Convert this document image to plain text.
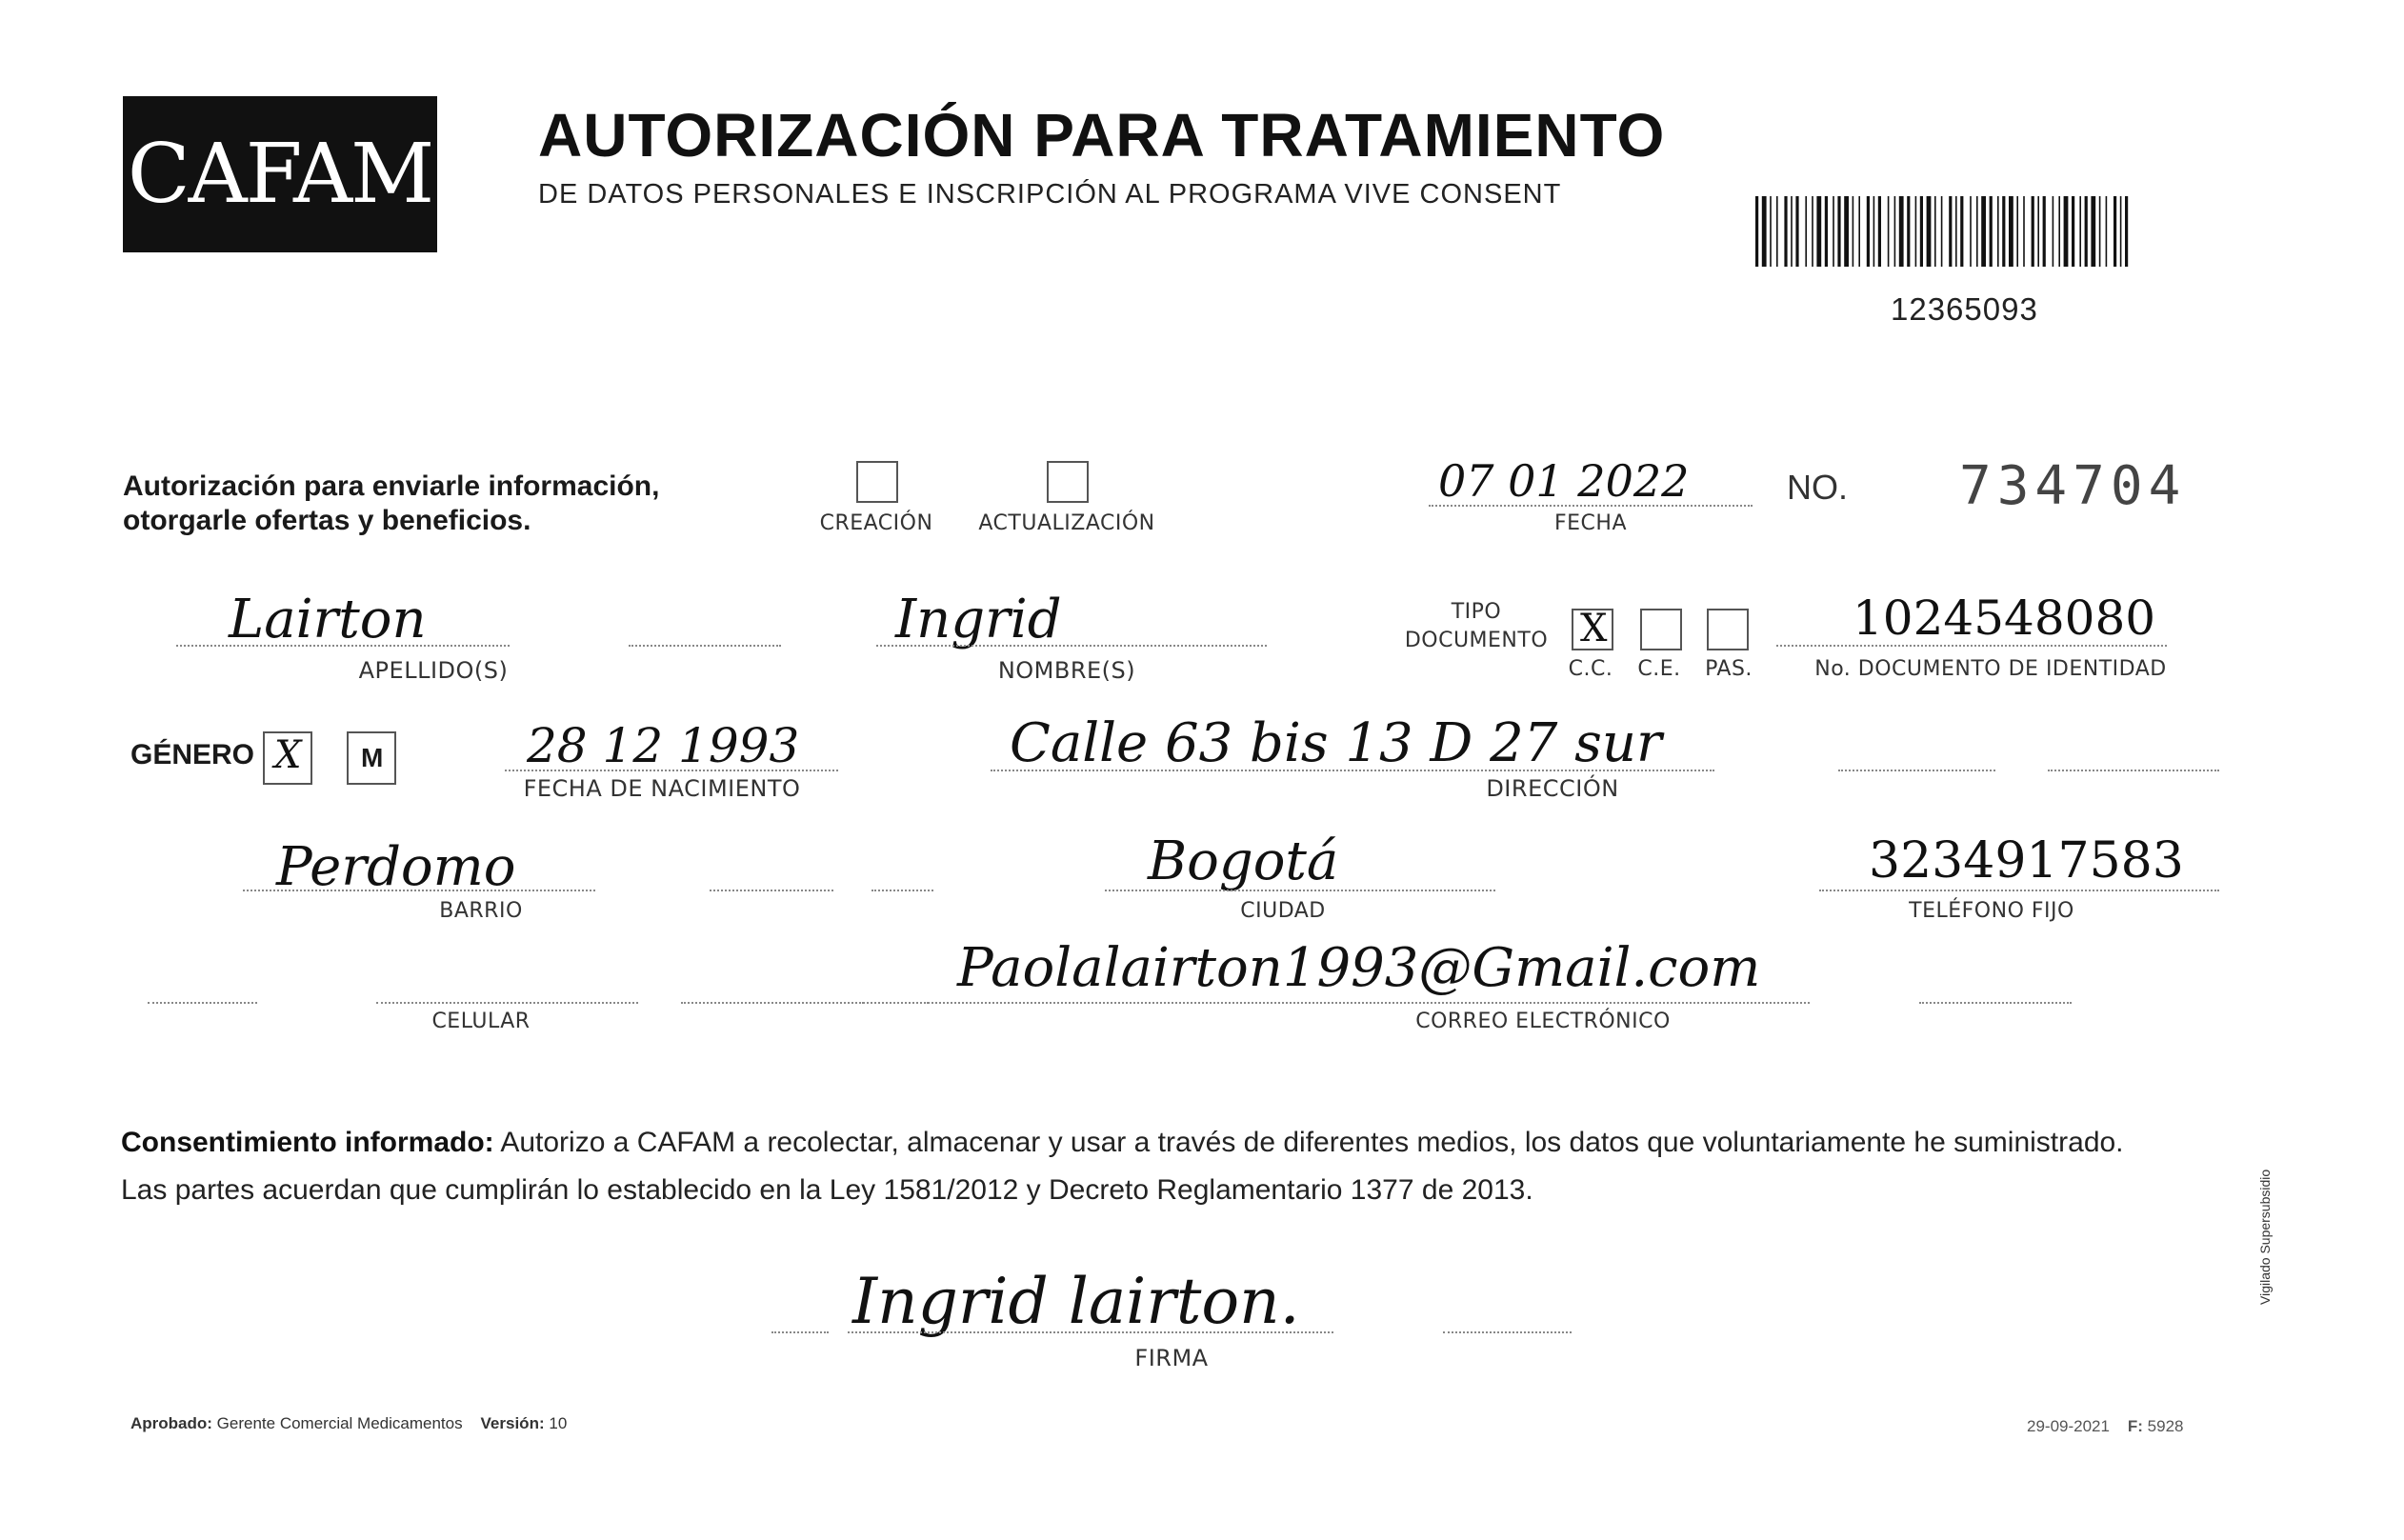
CAFAM AUTORIZACIÓN PARA TRATAMIENTO
DE DATOS PERSONALES E INSCRIPCIÓN AL PROGRAMA VIVE CONSENT
12365093
Autorización para enviarle información,
otorgarle ofertas y beneficios.	CREACIÓN	ACTUALIZACIÓN
07 01 2022
FECHA
NO. 734704
Lairton
APELLIDO(S)
Ingrid
NOMBRE(S)
TIPO
DOCUMENTO X
C.C.	C.E.	PAS.
1024548080
No. DOCUMENTO DE IDENTIDAD
GÉNERO X M	28 12 1993
FECHA DE NACIMIENTO
Calle 63 bis 13 D 27 sur
DIRECCIÓN
Perdomo
BARRIO
Bogotá
CIUDAD
3234917583
TELÉFONO FIJO
CELULAR
Paolalairton1993@Gmail.com
CORREO ELECTRÓNICO
Consentimiento informado: Autorizo a CAFAM a recolectar, almacenar y usar a través de diferentes medios, los datos que voluntariamente he suministrado.
Las partes acuerdan que cumplirán lo establecido en la Ley 1581/2012 y Decreto Reglamentario 1377 de 2013.
Ingrid lairton.
FIRMA
Aprobado: Gerente Comercial Medicamentos Versión: 10	29-09-2021 F: 5928
Vigilado Supersubsidio
